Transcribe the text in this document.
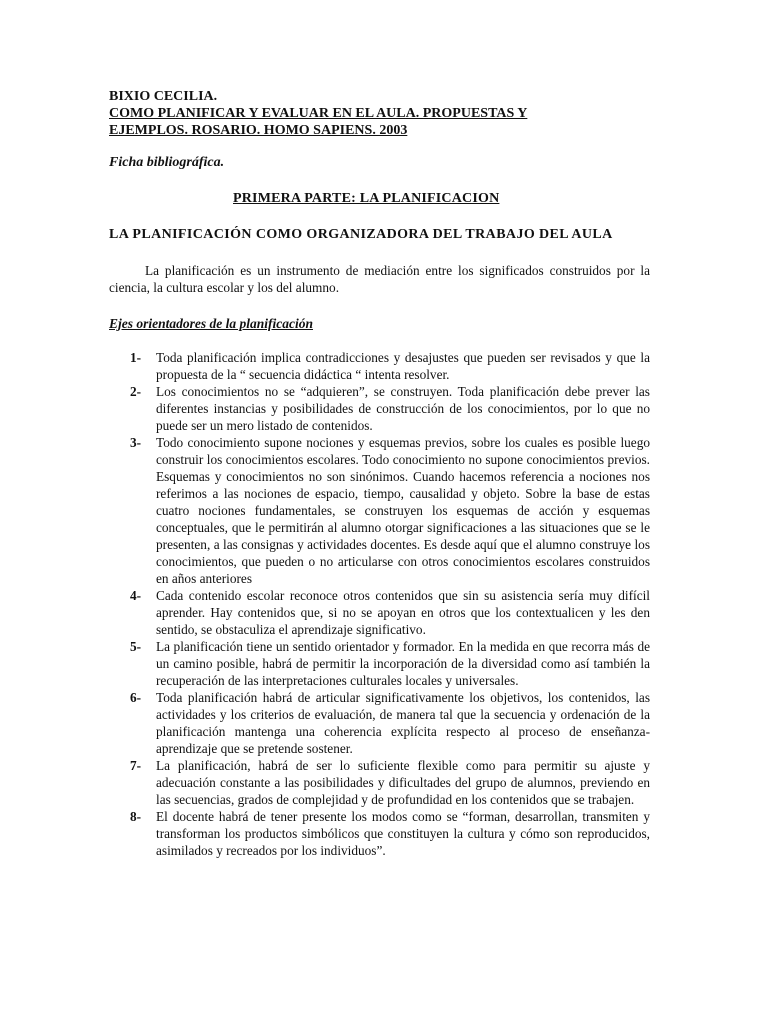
BIXIO CECILIA.
COMO PLANIFICAR Y EVALUAR EN EL AULA. PROPUESTAS Y
EJEMPLOS. ROSARIO. HOMO SAPIENS. 2003
Ficha bibliográfica.
PRIMERA PARTE: LA PLANIFICACION
LA PLANIFICACIÓN COMO ORGANIZADORA DEL TRABAJO DEL AULA

La planificación es un instrumento de mediación entre los significados construidos por la ciencia, la cultura escolar y los del alumno.

Ejes orientadores de la planificación
1-	Toda planificación implica contradicciones y desajustes que pueden ser revisados y que la propuesta de la “ secuencia didáctica “ intenta resolver.
2-	Los conocimientos no se “adquieren”, se construyen. Toda planificación debe prever las diferentes instancias y posibilidades de construcción de los conocimientos, por lo que no puede ser un mero listado de contenidos.
3-	Todo conocimiento supone nociones y esquemas previos, sobre los cuales es posible luego construir los conocimientos escolares. Todo conocimiento no supone conocimientos previos. Esquemas y conocimientos no son sinónimos. Cuando hacemos referencia a nociones nos referimos a las nociones de espacio, tiempo, causalidad y objeto. Sobre la base de estas cuatro nociones fundamentales, se construyen los esquemas de acción y esquemas conceptuales, que le permitirán al alumno otorgar significaciones a las situaciones que se le presenten, a las consignas y actividades docentes. Es desde aquí que el alumno construye los conocimientos, que pueden o no articularse con otros conocimientos escolares construidos en años anteriores
4-	Cada contenido escolar reconoce otros contenidos que sin su asistencia sería muy difícil aprender. Hay contenidos que, si no se apoyan en otros que los contextualicen y les den sentido, se obstaculiza el aprendizaje significativo.
5-	La planificación tiene un sentido orientador y formador. En la medida en que recorra más de un camino posible, habrá de permitir la incorporación de la diversidad como así también la recuperación de las interpretaciones culturales locales y universales.
6-	Toda planificación habrá de articular significativamente los objetivos, los contenidos, las actividades y los criterios de evaluación, de manera tal que la secuencia y ordenación de la planificación mantenga una coherencia explícita respecto al proceso de enseñanza-aprendizaje que se pretende sostener.
7-	La planificación, habrá de ser lo suficiente flexible como para permitir su ajuste y adecuación constante a las posibilidades y dificultades del grupo de alumnos, previendo en las secuencias, grados de complejidad y de profundidad en los contenidos que se trabajen.
8-	El docente habrá de tener presente los modos como se “forman, desarrollan, transmiten y transforman los productos simbólicos que constituyen la cultura y cómo son reproducidos, asimilados y recreados por los individuos”.
